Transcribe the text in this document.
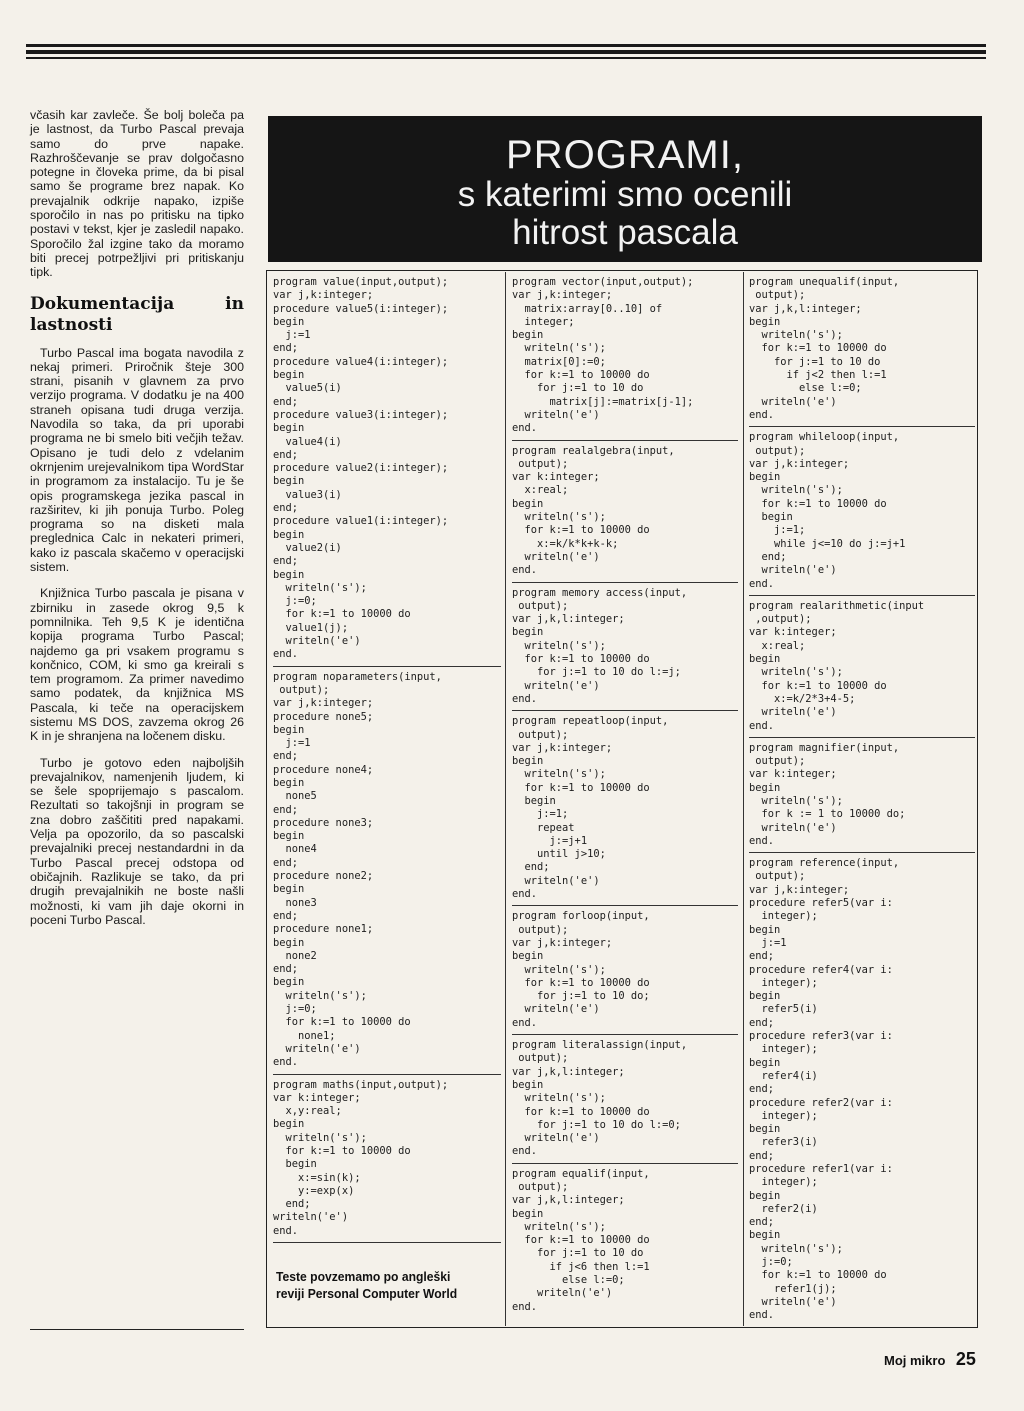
včasih kar zavleče. Še bolj boleča pa je lastnost, da Turbo Pascal prevaja samo do prve napake. Razhroščevanje se prav dolgočasno potegne in človeka prime, da bi pisal samo še programe brez napak. Ko prevajalnik odkrije napako, izpiše sporočilo in nas po pritisku na tipko postavi v tekst, kjer je zasledil napako. Sporočilo žal izgine tako da moramo biti precej potrpežljivi pri pritiskanju tipk.

Dokumentacija in lastnosti

Turbo Pascal ima bogata navodila z nekaj primeri. Priročnik šteje 300 strani, pisanih v glavnem za prvo verzijo programa. V dodatku je na 400 straneh opisana tudi druga verzija. Navodila so taka, da pri uporabi programa ne bi smelo biti večjih težav. Opisano je tudi delo z vdelanim okrnjenim urejevalnikom tipa WordStar in programom za instalacijo. Tu je še opis programskega jezika pascal in razširitev, ki jih ponuja Turbo. Poleg programa so na disketi mala preglednica Calc in nekateri primeri, kako iz pascala skačemo v operacijski sistem.

Knjižnica Turbo pascala je pisana v zbirniku in zasede okrog 9,5 k pomnilnika. Teh 9,5 K je identična kopija programa Turbo Pascal; najdemo ga pri vsakem programu s končnico, COM, ki smo ga kreirali s tem programom. Za primer navedimo samo podatek, da knjižnica MS Pascala, ki teče na operacijskem sistemu MS DOS, zavzema okrog 26 K in je shranjena na ločenem disku.

Turbo je gotovo eden najboljših prevajalnikov, namenjenih ljudem, ki se šele spoprijemajo s pascalom. Rezultati so takojšnji in program se zna dobro zaščititi pred napakami. Velja pa opozorilo, da so pascalski prevajalniki precej nestandardni in da Turbo Pascal precej odstopa od običajnih. Razlikuje se tako, da pri drugih prevajalnikih ne boste našli možnosti, ki vam jih daje okorni in poceni Turbo Pascal.

PROGRAMI,
s katerimi smo ocenili
hitrost pascala
program value(input,output);
var j,k:integer;
procedure value5(i:integer);
begin
j:=1
end;
procedure value4(i:integer);
begin
value5(i)
end;
procedure value3(i:integer);
begin
value4(i)
end;
procedure value2(i:integer);
begin
value3(i)
end;
procedure value1(i:integer);
begin
value2(i)
end;
begin
writeln('s');
j:=0;
for k:=1 to 10000 do
value1(j);
writeln('e')
end.
program noparameters(input,
output);
var j,k:integer;
procedure none5;
begin
j:=1
end;
procedure none4;
begin
none5
end;
procedure none3;
begin
none4
end;
procedure none2;
begin
none3
end;
procedure none1;
begin
none2
end;
begin
writeln('s');
j:=0;
for k:=1 to 10000 do
none1;
writeln('e')
end.
program maths(input,output);
var k:integer;
x,y:real;
begin
writeln('s');
for k:=1 to 10000 do
begin
x:=sin(k);
y:=exp(x)
end;
writeln('e')
end.
program vector(input,output);
var j,k:integer;
matrix:array[0..10] of
integer;
begin
writeln('s');
matrix[0]:=0;
for k:=1 to 10000 do
for j:=1 to 10 do
matrix[j]:=matrix[j-1];
writeln('e')
end.
program realalgebra(input,
output);
var k:integer;
x:real;
begin
writeln('s');
for k:=1 to 10000 do
x:=k/k*k+k-k;
writeln('e')
end.
program memory access(input,
output);
var j,k,l:integer;
begin
writeln('s');
for k:=1 to 10000 do
for j:=1 to 10 do l:=j;
writeln('e')
end.
program repeatloop(input,
output);
var j,k:integer;
begin
writeln('s');
for k:=1 to 10000 do
begin
j:=1;
repeat
j:=j+1
until j>10;
end;
writeln('e')
end.
program forloop(input,
output);
var j,k:integer;
begin
writeln('s');
for k:=1 to 10000 do
for j:=1 to 10 do;
writeln('e')
end.
program literalassign(input,
output);
var j,k,l:integer;
begin
writeln('s');
for k:=1 to 10000 do
for j:=1 to 10 do l:=0;
writeln('e')
end.
program equalif(input,
output);
var j,k,l:integer;
begin
writeln('s');
for k:=1 to 10000 do
for j:=1 to 10 do
if j<6 then l:=1
else l:=0;
writeln('e')
end.
program unequalif(input,
output);
var j,k,l:integer;
begin
writeln('s');
for k:=1 to 10000 do
for j:=1 to 10 do
if j<2 then l:=1
else l:=0;
writeln('e')
end.
program whileloop(input,
output);
var j,k:integer;
begin
writeln('s');
for k:=1 to 10000 do
begin
j:=1;
while j<=10 do j:=j+1
end;
writeln('e')
end.
program realarithmetic(input
,output);
var k:integer;
x:real;
begin
writeln('s');
for k:=1 to 10000 do
x:=k/2*3+4-5;
writeln('e')
end.
program magnifier(input,
output);
var k:integer;
begin
writeln('s');
for k := 1 to 10000 do;
writeln('e')
end.
program reference(input,
output);
var j,k:integer;
procedure refer5(var i:
integer);
begin
j:=1
end;
procedure refer4(var i:
integer);
begin
refer5(i)
end;
procedure refer3(var i:
integer);
begin
refer4(i)
end;
procedure refer2(var i:
integer);
begin
refer3(i)
end;
procedure refer1(var i:
integer);
begin
refer2(i)
end;
begin
writeln('s');
j:=0;
for k:=1 to 10000 do
refer1(j);
writeln('e')
end.
Teste povzemamo po angleški reviji Personal Computer World
Moj mikro 25
